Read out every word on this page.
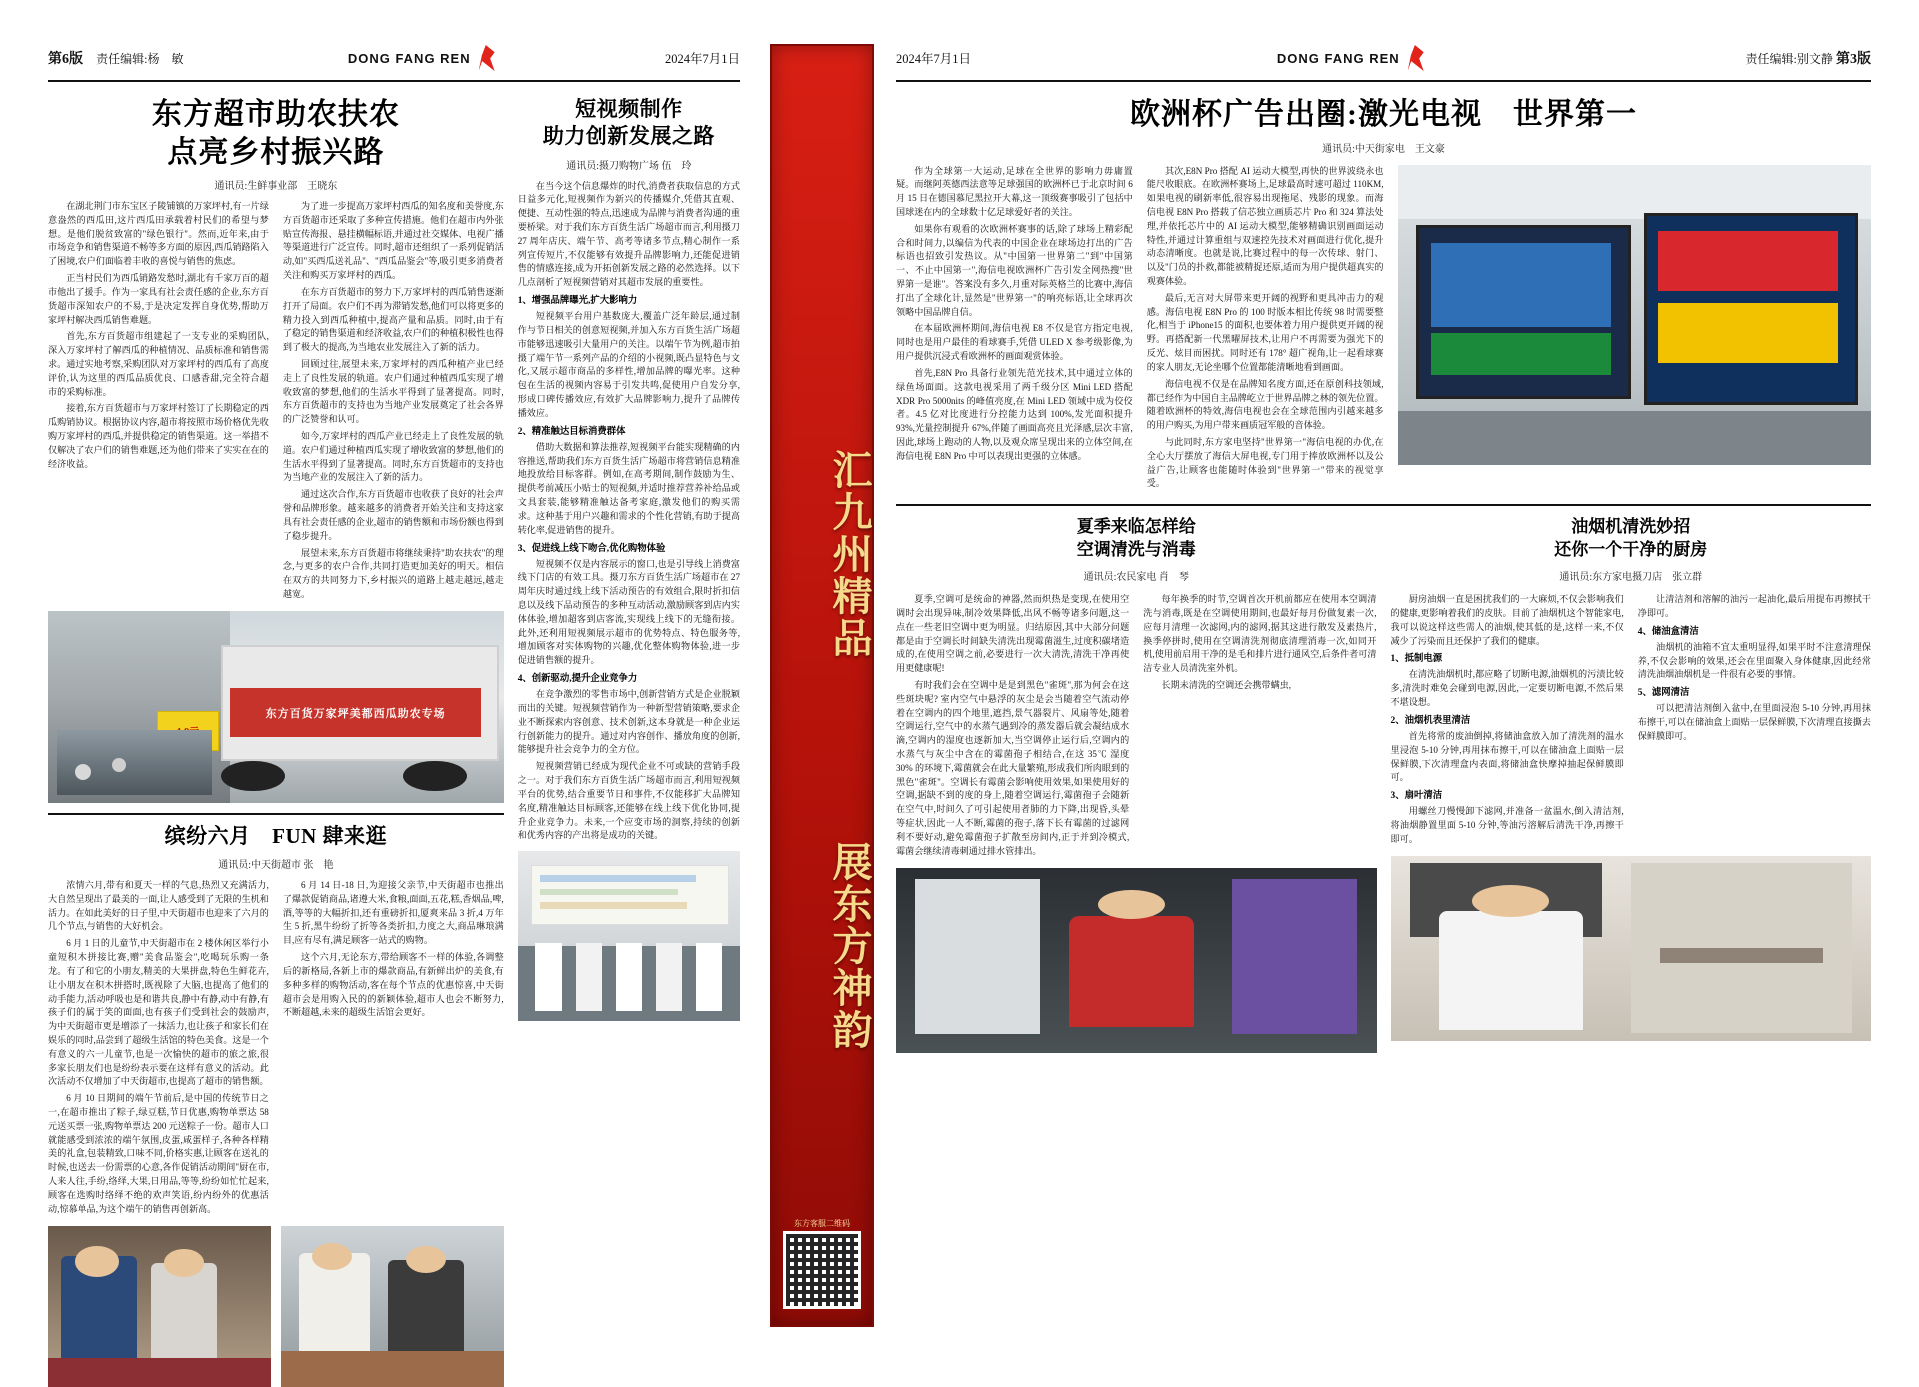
第6版 责任编辑:杨　敏	DONG FANG REN	2024年7月1日
东方超市助农扶农
点亮乡村振兴路
通讯员:生鲜事业部　王晓东

在湖北荆门市东宝区子陵铺镇的万家坪村,有一片绿意盎然的西瓜田,这片西瓜田承载着村民们的希望与梦想。是他们脱贫致富的"绿色银行"。然而,近年来,由于市场竞争和销售渠道不畅等多方面的原因,西瓜销路陷入了困境,农户们面临着丰收的喜悦与销售的焦虑。

正当村民们为西瓜销路发愁时,湖北有千家万百的超市他出了援手。作为一家具有社会责任感的企业,东方百货超市深知农户的不易,于是决定发挥自身优势,帮助万家坪村解决西瓜销售难题。

首先,东方百货超市组建起了一支专业的采购团队,深入万家坪村了解西瓜的种植情况、品质标准和销售需求。通过实地考察,采购团队对万家坪村的西瓜有了高度评价,认为这里的西瓜品质优良、口感香甜,完全符合超市的采购标准。

接着,东方百货超市与万家坪村签订了长期稳定的西瓜购销协议。根据协议内容,超市将按照市场价格优先收购万家坪村的西瓜,并提供稳定的销售渠道。这一举措不仅解决了农户们的销售难题,还为他们带来了实实在在的经济收益。

为了进一步提高万家坪村西瓜的知名度和美誉度,东方百货超市还采取了多种宣传措施。他们在超市内外张贴宣传海报、悬挂横幅标语,并通过社交媒体、电视广播等渠道进行广泛宣传。同时,超市还组织了一系列促销活动,如"买西瓜送礼品"、"西瓜品鉴会"等,吸引更多消费者关注和购买万家坪村的西瓜。

在东方百货超市的努力下,万家坪村的西瓜销售逐渐打开了局面。农户们不再为滞销发愁,他们可以将更多的精力投入到西瓜种植中,提高产量和品质。同时,由于有了稳定的销售渠道和经济收益,农户们的种植积极性也得到了极大的提高,为当地农业发展注入了新的活力。

回顾过往,展望未来,万家坪村的西瓜种植产业已经走上了良性发展的轨道。农户们通过种植西瓜实现了增收致富的梦想,他们的生活水平得到了显著提高。同时,东方百货超市的支持也为当地产业发展奠定了社会各界的广泛赞誉和认可。

如今,万家坪村的西瓜产业已经走上了良性发展的轨道。农户们通过种植西瓜实现了增收致富的梦想,他们的生活水平得到了显著提高。同时,东方百货超市的支持也为当地产业的发展注入了新的活力。

通过这次合作,东方百货超市也收获了良好的社会声誉和品牌形象。越来越多的消费者开始关注和支持这家具有社会责任感的企业,超市的销售额和市场份额也得到了稳步提升。

展望未来,东方百货超市将继续秉持"助农扶农"的理念,与更多的农户合作,共同打造更加美好的明天。相信在双方的共同努力下,乡村振兴的道路上越走越远,越走越宽。

东方百货万家坪美都西瓜助农专场
缤纷六月　FUN 肆来逛
通讯员:中天街超市 张　艳

浓情六月,带有和夏天一样的气息,热烈又充满活力,大自然呈现出了最美的一面,让人感受到了无限的生机和活力。在如此美好的日子里,中天街超市也迎来了六月的几个节点,与销售的大好机会。

6 月 1 日的儿童节,中天街超市在 2 楼休闲区举行小童短积木拼接比赛,赠"美食品鉴会",吃喝玩乐购一条龙。有了和它的小朋友,精美的大果拼盘,特色生鲜花卉,让小朋友在积木拼搭时,既视除了大脑,也提高了他们的动手能力,活动呼吸也是和谐共良,静中有静,动中有静,有孩子们的属于笑的面面,也有孩子们受到社会的鼓励声,为中天街超市更是增添了一抹活力,也让孩子和家长们在娱乐的同时,品尝到了超级生活馆的特色美食。这是一个有意义的六一儿童节,也是一次愉快的超市的旅之旅,很多家长朋友们也是纷纷表示要在这样有意义的活动。此次活动不仅增加了中天街超市,也提高了超市的销售额。

6 月 10 日期间的端午节前后,是中国的传统节日之一,在超市推出了粽子,绿豆糕,节日优惠,购物单票达 58 元送买票一张,购物单票达 200 元送粽子一份。超市人口就能感受到浓浓的端午氛围,皮蛋,咸蛋样子,各种各样精美的礼盒,包装精致,口味不同,价格实惠,让顾客在送礼的时候,也送去一份需票的心意,各作促销活动期间"厨在市,人来人往,手纷,络绎,大果,日用品,等等,纷纷如忙忙起来,顾客在选购时络绎不绝的欢声笑语,纷内纷外的优惠活动,惊慕单品,为这个端午的销售再创新高。

6 月 14 日-18 日,为迎接父亲节,中天街超市也推出了爆款促销商品,诸遵大米,食粮,面面,五花,糕,香烟品,啤,酒,等等的大幅折扣,还有重磅折扣,厦爽来品 3 折,4 万年生 5 折,黑牛纷纷了折等各类折扣,力度之大,商品琳琅满目,应有尽有,满足顾客一站式的购物。

这个六月,无论东方,带给顾客不一样的体验,各调整后的新格局,各新上市的爆款商品,有新鲜出炉的美食,有多种多样的购物活动,客在每个节点的优惠惊喜,中天街超市会是用购入民的的新颖体验,超市人也会不断努力,不断超越,未来的超级生活馆会更好。

短视频制作
助力创新发展之路
通讯员:摄刀购物广场 伍　玲

在当今这个信息爆炸的时代,消费者获取信息的方式日益多元化,短视频作为新兴的传播媒介,凭借其直观、便捷、互动性强的特点,迅速成为品牌与消费者沟通的重要桥梁。对于我们东方百货生活广场超市而言,利用摄刀 27 周年店庆、端午节、高考等诸多节点,精心制作一系列宣传短片,不仅能够有效提升品牌影响力,还能促进销售的情感连接,成为开拓创新发展之路的必然选择。以下几点剖析了短视频营销对其超市发展的重要性。

1、增强品牌曝光,扩大影响力

短视频平台用户基数庞大,覆盖广泛年龄层,通过制作与节日相关的创意短视频,并加入东方百货生活广场超市能够迅速吸引大量用户的关注。以端午节为例,超市拍摄了端午节一系列产品的介绍的小视频,既凸显特色与文化,又展示超市商品的多样性,增加品牌的曝光率。这种包在生活的视频内容易于引发共鸣,促使用户自发分享,形成口碑传播效应,有效扩大品牌影响力,提升了品牌传播效应。

2、精准触达目标消费群体

借助大数据和算法推荐,短视频平台能实现精确的内容推送,帮助我们东方百货生活广场超市将营销信息精准地投放给目标客群。例如,在高考期间,制作鼓励为生、提供考前减压小贴士的短视频,并适时推荐营养补给品或文具套装,能够精准触达备考家庭,激发他们的购买需求。这种基于用户兴趣和需求的个性化营销,有助于提高转化率,促进销售的提升。

3、促进线上线下吻合,优化购物体验

短视频不仅是内容展示的窗口,也是引导线上消费富线下门店的有效工具。摄刀东方百货生活广场超市在 27 周年庆时通过线上线下活动预告的有效组合,限时折扣信息以及线下品动预告的多种互动活动,激励顾客到店内实体体验,增加超客到店客流,实现线上线下的无缝衔接。此外,还利用短视频展示超市的优势特点、特色服务等,增加顾客对实体购物的兴趣,优化整体购物体验,进一步促进销售额的提升。

4、创新驱动,提升企业竞争力

在竞争激烈的零售市场中,创新营销方式是企业脱颖而出的关键。短视频营销作为一种新型营销策略,要求企业不断探索内容创意、技术创新,这本身就是一种企业运行创新能力的提升。通过对内容创作、播放角度的创新,能够提升社会竞争力的全方位。

短视频营销已经成为现代企业不可或缺的营销手段之一。对于我们东方百货生活广场超市而言,利用短视频平台的优势,结合重要节日和事件,不仅能移扩大品牌知名度,精准触达目标顾客,还能够在线上线下优化协同,提升企业竞争力。未来,一个应变市场的洞察,持续的创新和优秀内容的产出将是成功的关键。

汇九州精品
展东方神韵
东方客服二维码
2024年7月1日	DONG FANG REN	责任编辑:别文静 第3版
欧洲杯广告出圈:激光电视　世界第一
通讯员:中天街家电　王文豪

作为全球第一大运动,足球在全世界的影响力毋庸置疑。而继阿英德西法意等足球强国的欧洲杯已于北京时间 6 月 15 日在德国慕尼黑拉开大幕,这一顶级赛事吸引了包括中国球迷在内的全球数十亿足球爱好者的关注。

如果你有观看的次欧洲杯赛事的话,除了球场上精彩配合和时间力,以编信为代表的中国企业在球场边打出的广告标语也招致引发热议。从"中国第一世界第二"到"中国第一、不止中国第一",海信电视欧洲杯广告引发全网热搜"世界第一是谁"。答案没有多久,月重对际英格兰的比赛中,海信打出了全球化计,显然是"世界第一"的响亮标语,让全球再次领略中国品牌自信。

在本届欧洲杯期间,海信电视 E8 不仅是官方指定电视,同时也是用户最佳的看球赛手,凭借 ULED X 参考级影像,为用户提供沉浸式看欧洲杯的画面观赏体验。

首先,E8N Pro 具备行业领先范光技术,其中通过立体的绿鱼场面面。这款电视采用了两千级分区 Mini LED 搭配 XDR Pro 5000nits 的峰值亮度,在 Mini LED 领域中成为佼佼者。4.5 亿对比度进行分控能力达到 100%,发光面积提升 93%,光量控制提升 67%,伴随了画面高亮且光泽感,层次丰富,因此,球场上跑动的人物,以及观众席呈现出来的立体空间,在海信电视 E8N Pro 中可以表现出更强的立体感。

其次,E8N Pro 搭配 AI 运动大模型,再快的世界波绕永也能尺收眼底。在欧洲杯赛场上,足球最高时速可超过 110KM,如果电视的刷新率低,很容易出现拖尾、残影的现象。而海信电视 E8N Pro 搭载了信芯独立画质芯片 Pro 和 324 算法处理,并依托芯片中的 AI 运动大模型,能够精确识别画面运动特性,并通过计算重组与双速控先技术对画面进行优化,提升动态清晰度。也就是说,比赛过程中的每一次传球、射门、以及"门员的扑救,都能被精捉还原,适而为用户提供超真实的观赛体验。

最后,无言对大屏带来更开阔的视野和更具冲击力的观感。海信电视 E8N Pro 的 100 时版本相比传统 98 时需要整化,相当于 iPhone15 的面积,也要体着力用户提供更开阔的视野。再搭配新一代黑曜屏技术,让用户不再需要为强光下的反光、炫目而困扰。同时还有 178° 超广视角,让一起看球赛的家人朋友,无论坐哪个位置都能清晰地看到画面。

海信电视不仅是在品牌知名度方面,还在原创科技领域,都已经作为中国自主品牌屹立于世界品牌之林的领先位置。随着欧洲杯的特效,海信电视也会在全球范围内引越来越多的用户购买,为用户带来画质冠军般的音体验。

与此同时,东方家电坚持"世界第一"海信电视的办优,在全心大厅摆放了海信大屏电视,专门用于捧放欧洲杯以及公益广告,让顾客也能随时体验到"世界第一"带来的视觉享受。

夏季来临怎样给
空调清洗与消毒
通讯员:农民家电 肖　琴

夏季,空调可是统命的神器,然而炽热是变现,在使用空调时会出现异味,制冷效果降低,出风不畅等诸多问题,这一点在一些老旧空调中更为明显。归结原因,其中大部分问题都是由于空调长时间缺失清洗出现霉菌滋生,过度积碳堵造成的,在使用空调之前,必要进行一次大清洗,清洗干净再使用更健康呢!

有时我们会在空调中是是到黑色"雀斑",那为何会在这些斑块呢? 室内空气中悬浮的灰尘是会当随着空气流动停着在空调内的四个地里,遮挡,景气器裂片、风扇等处,随着空调运行,空气中的水蒸气遇到冷的蒸发器后就会凝结成水滴,空调内的湿度也逐新加大,当空调停止运行后,空调内的水蒸气与灰尘中含在的霉菌孢子相结合,在这 35℃ 湿度 30% 的环境下,霉菌就会在此大量繁殖,形成我们所肉眼到的黑色"雀斑"。空调长有霉菌会影响使用效果,如果使用好的空调,据缺不到的度的身上,随着空调运行,霉菌孢子会随新在空气中,时间久了可引起使用者肺的力下降,出现昏,头晕等症状,因此一人不断,霉菌的孢子,落下长有霉菌的过滤网利不要好动,避免霉菌孢子扩散至房间内,正于并到冷模式,霉菌会继续清毒刺通过排水管排出。

每年换季的时节,空调首次开机前都应在使用本空调清洗与消毒,既是在空调使用期间,也最好每月份做复素一次,应每月清理一次滤网,内的滤网,据其这进行散发及素热片,换季停拼时,使用在空调清洗剂彻底清理消毒一次,如同开机,使用前启用干净的是毛和排片进行通风空,后条件者可清洁专业人员清洗室外机。

长期未清洗的空调还会携带螨虫,

油烟机清洗妙招
还你一个干净的厨房
通讯员:东方家电摄刀店　张立群

厨房油烟一直是困扰我们的一大麻烦,不仅会影响我们的健康,更影响着我们的皮肤。目前了油烟机这个智能家电,我可以说这样这些需人的油烟,使其低的是,这样一来,不仅减少了污染而且还保护了我们的健康。

1、抵制电源

在清洗油烟机时,都应略了切断电源,油烟机的污渍比较多,清洗时难免会碰到电源,因此,一定要切断电源,不然后果不堪设想。

2、油烟机表里清洁

首先将常的废油倒掉,将储油盒放入加了清洗剂的温水里浸泡 5-10 分钟,再用抹布擦干,可以在储油盒上面贴一层保鲜膜,下次清理盒内表面,将储油盒快摩掉抽起保鲜膜即可。

3、扇叶清洁

用螺丝刀慢慢卸下滤网,并准备一盆温水,倒入清洁剂,将油烟静置里面 5-10 分钟,等油污溶解后清洗干净,再擦干即可。

让清洁剂和溶解的油污一起油化,最后用提布再擦拭干净即可。

4、储油盒清洁

油烟机的油箱不宜太重明显得,如果平时不注意清理保养,不仅会影响的效果,还会在里面聚入身体健康,因此经常清洗油烟油烟机是一件很有必要的事情。

5、滤网清洁

可以把清洁剂倒入盆中,在里面浸泡 5-10 分钟,再用抹布擦干,可以在储油盒上面贴一层保鲜膜,下次清理直接撕去保鲜膜即可。
